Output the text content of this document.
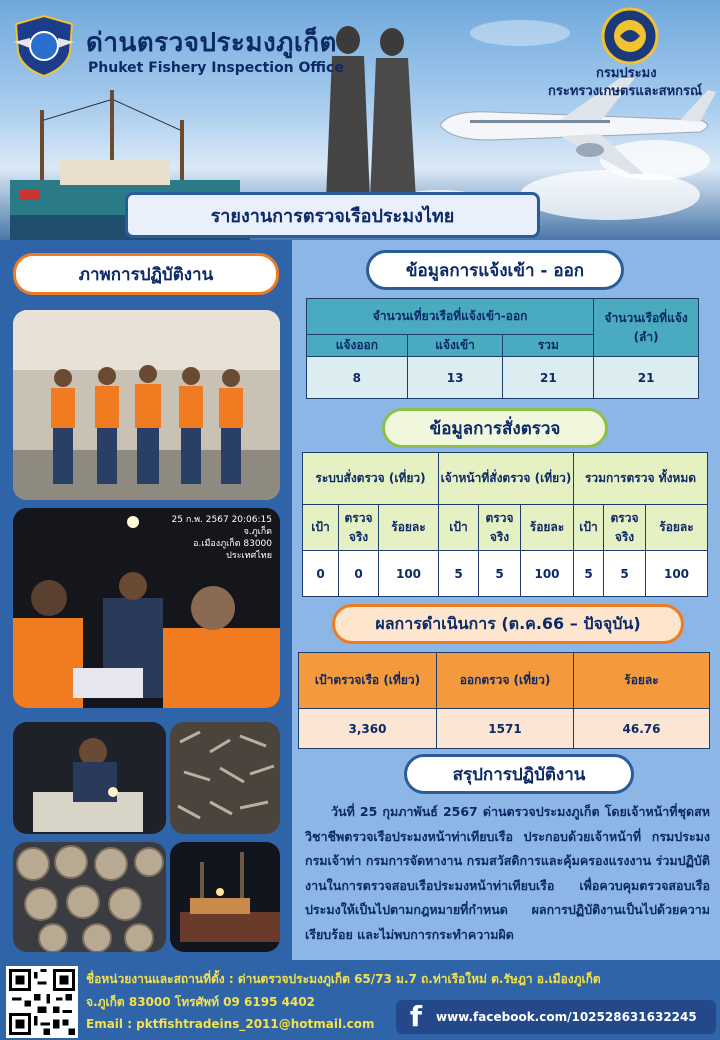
ด่านตรวจประมงภูเก็ต
Phuket Fishery Inspection Office	กรมประมง
กระทรวงเกษตรและสหกรณ์
รายงานการตรวจเรือประมงไทย
ภาพการปฏิบัติงาน
25 ก.พ. 2567 20:06:15
จ.ภูเก็ต
อ.เมืองภูเก็ต 83000
ประเทศไทย
ข้อมูลการแจ้งเข้า - ออก
จำนวนเที่ยวเรือที่แจ้งเข้า-ออก			จำนวนเรือที่แจ้ง (ลำ)
แจ้งออก	แจ้งเข้า	รวม	
8	13	21	21
ข้อมูลการสั่งตรวจ
ระบบสั่งตรวจ (เที่ยว)			เจ้าหน้าที่สั่งตรวจ (เที่ยว)			รวมการตรวจ ทั้งหมด		
เป้า	ตรวจ จริง	ร้อยละ	เป้า	ตรวจ จริง	ร้อยละ	เป้า	ตรวจ จริง	ร้อยละ
0	0	100	5	5	100	5	5	100
ผลการดำเนินการ (ต.ค.66 – ปัจจุบัน)
เป้าตรวจเรือ (เที่ยว)	ออกตรวจ (เที่ยว)	ร้อยละ
3,360	1571	46.76
สรุปการปฏิบัติงาน

วันที่ 25 กุมภาพันธ์ 2567 ด่านตรวจประมงภูเก็ต โดยเจ้าหน้าที่ชุดสหวิชาชีพตรวจเรือประมงหน้าท่าเทียบเรือ ประกอบด้วยเจ้าหน้าที่ กรมประมง กรมเจ้าท่า กรมการจัดหางาน กรมสวัสดิการและคุ้มครองแรงงาน ร่วมปฏิบัติงานในการตรวจสอบเรือประมงหน้าท่าเทียบเรือ เพื่อควบคุมตรวจสอบเรือประมงให้เป็นไปตามกฎหมายที่กำหนด ผลการปฏิบัติงานเป็นไปด้วยความเรียบร้อย และไม่พบการกระทำความผิด

ชื่อหน่วยงานและสถานที่ตั้ง : ด่านตรวจประมงภูเก็ต 65/73 ม.7 ถ.ท่าเรือใหม่ ต.รัษฎา อ.เมืองภูเก็ต
จ.ภูเก็ต 83000 โทรศัพท์ 09 6195 4402
Email : pktfishtradeins_2011@hotmail.com f	www.facebook.com/102528631632245
